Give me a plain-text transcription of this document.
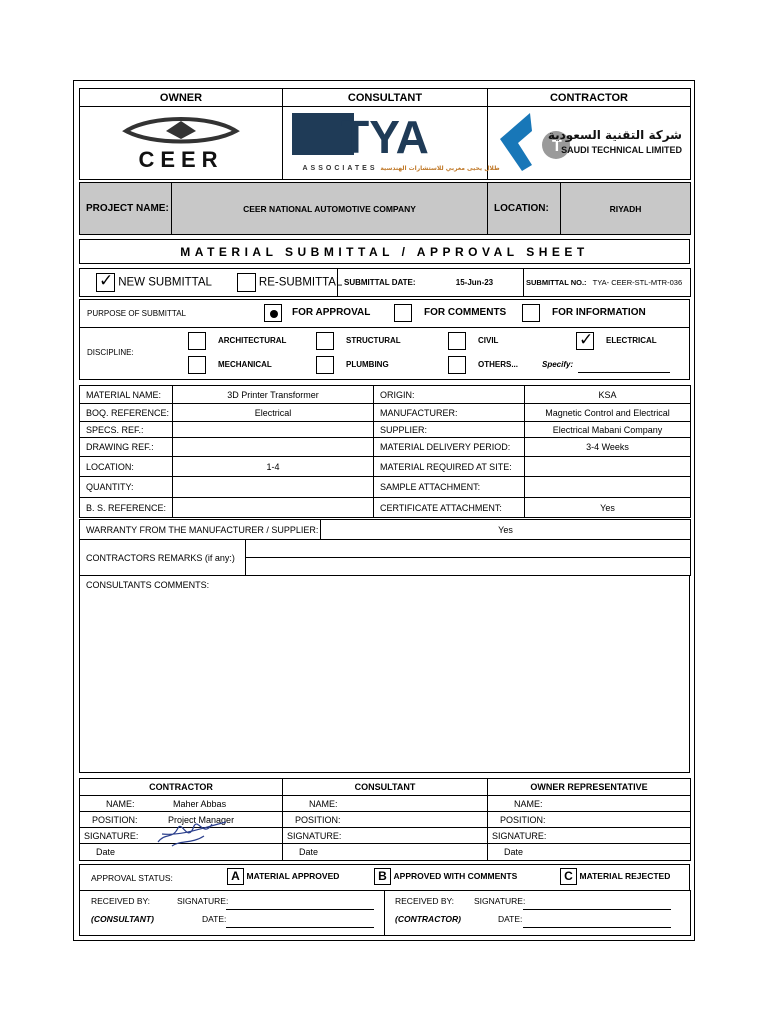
OWNER	CONSULTANT	CONTRACTOR

CEER	TYA
ASSOCIATES طلال يحيى مغربي للاستشارات الهندسية	T
شركة التقنية السعودية
SAUDI TECHNICAL LIMITED
PROJECT NAME:	CEER NATIONAL AUTOMOTIVE COMPANY	LOCATION:	RIYADH
MATERIAL SUBMITTAL / APPROVAL SHEET
✓ NEW SUBMITTAL	RE-SUBMITTAL	SUBMITTAL DATE:	15-Jun-23	SUBMITTAL NO.: TYA- CEER-STL-MTR-036
PURPOSE OF SUBMITTAL	FOR APPROVAL	FOR COMMENTS	FOR INFORMATION
DISCIPLINE:
ARCHITECTURAL	STRUCTURAL	CIVIL ✓	ELECTRICAL
MECHANICAL	PLUMBING	OTHERS...	Specify:
MATERIAL NAME:	3D Printer Transformer	ORIGIN:	KSA
BOQ. REFERENCE:	Electrical	MANUFACTURER:	Magnetic Control and Electrical
SPECS. REF.:		SUPPLIER:	Electrical Mabani Company
DRAWING REF.:		MATERIAL DELIVERY PERIOD:	3-4 Weeks
LOCATION:	1-4	MATERIAL REQUIRED AT SITE:	
QUANTITY:		SAMPLE ATTACHMENT:	
B. S. REFERENCE:		CERTIFICATE ATTACHMENT:	Yes
WARRANTY FROM THE MANUFACTURER / SUPPLIER:	Yes
CONTRACTORS REMARKS (if any:)	

CONSULTANTS COMMENTS:
CONTRACTOR	CONSULTANT	OWNER REPRESENTATIVE
NAME: Maher Abbas	NAME:	NAME:
POSITION: Project Manager	POSITION:	POSITION:
SIGNATURE:	SIGNATURE:	SIGNATURE:
Date	Date	Date
APPROVAL STATUS:	A MATERIAL APPROVED	B APPROVED WITH COMMENTS	C MATERIAL REJECTED
RECEIVED BY:	SIGNATURE:
(CONSULTANT)	DATE:

RECEIVED BY: SIGNATURE:
(CONTRACTOR)	DATE:
